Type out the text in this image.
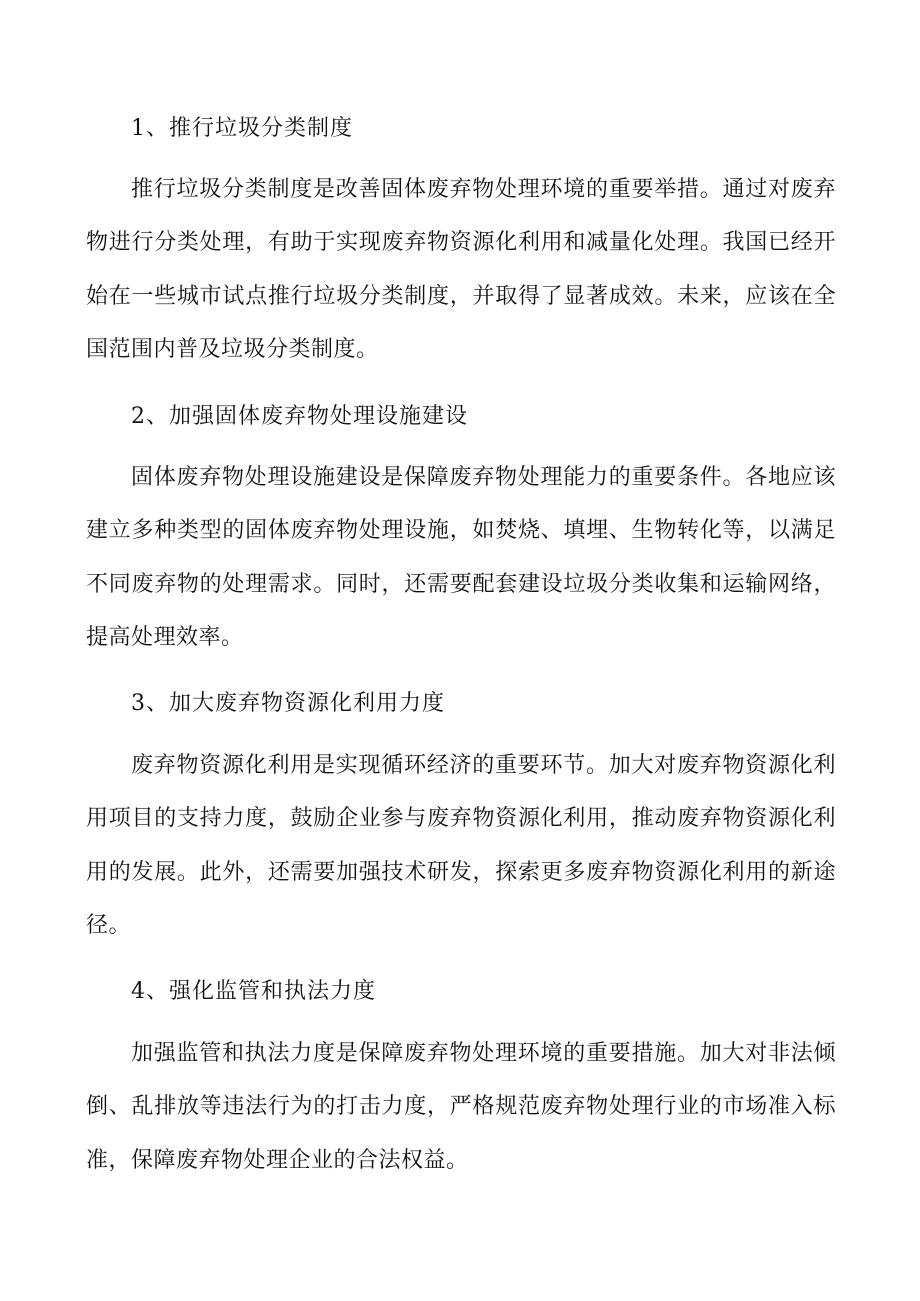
1、推行垃圾分类制度
推行垃圾分类制度是改善固体废弃物处理环境的重要举措。通过对废弃
物进行分类处理，有助于实现废弃物资源化利用和减量化处理。我国已经开
始在一些城市试点推行垃圾分类制度，并取得了显著成效。未来，应该在全
国范围内普及垃圾分类制度。
2、加强固体废弃物处理设施建设
固体废弃物处理设施建设是保障废弃物处理能力的重要条件。各地应该
建立多种类型的固体废弃物处理设施，如焚烧、填埋、生物转化等，以满足
不同废弃物的处理需求。同时，还需要配套建设垃圾分类收集和运输网络，
提高处理效率。
3、加大废弃物资源化利用力度
废弃物资源化利用是实现循环经济的重要环节。加大对废弃物资源化利
用项目的支持力度，鼓励企业参与废弃物资源化利用，推动废弃物资源化利
用的发展。此外，还需要加强技术研发，探索更多废弃物资源化利用的新途
径。
4、强化监管和执法力度
加强监管和执法力度是保障废弃物处理环境的重要措施。加大对非法倾
倒、乱排放等违法行为的打击力度，严格规范废弃物处理行业的市场准入标
准，保障废弃物处理企业的合法权益。
